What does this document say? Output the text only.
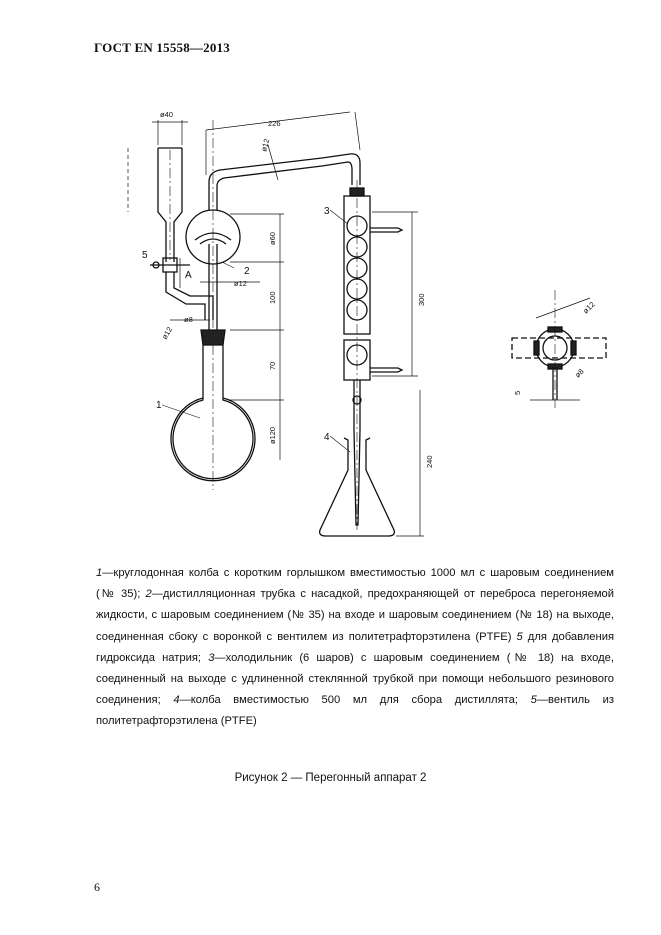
ГОСТ EN 15558—2013
ø40
226
ø12
ø60
ø12
100
ø12
ø8
70
ø120
300
240
ø12
ø8
5
A
1
2
3
4
5
1—круглодонная колба с коротким горлышком вместимостью 1000 мл с шаровым соединением (№ 35); 2—дистилляционная трубка с насадкой, предохраняющей от переброса перегоняемой жидкости, с шаровым соединением (№ 35) на входе и шаровым соединением (№ 18) на выходе, соединенная сбоку с воронкой с вентилем из политетрафторэтилена (PTFE) 5 для добавления гидроксида натрия; 3—холодильник (6 шаров) с шаровым соединением (№ 18) на входе, соединенный на выходе с удлиненной стеклянной трубкой при помощи небольшого резинового соединения; 4—колба вместимостью 500 мл для сбора дистиллята; 5—вентиль из политетрафторэтилена (PTFE)
Рисунок 2 — Перегонный аппарат 2
6
